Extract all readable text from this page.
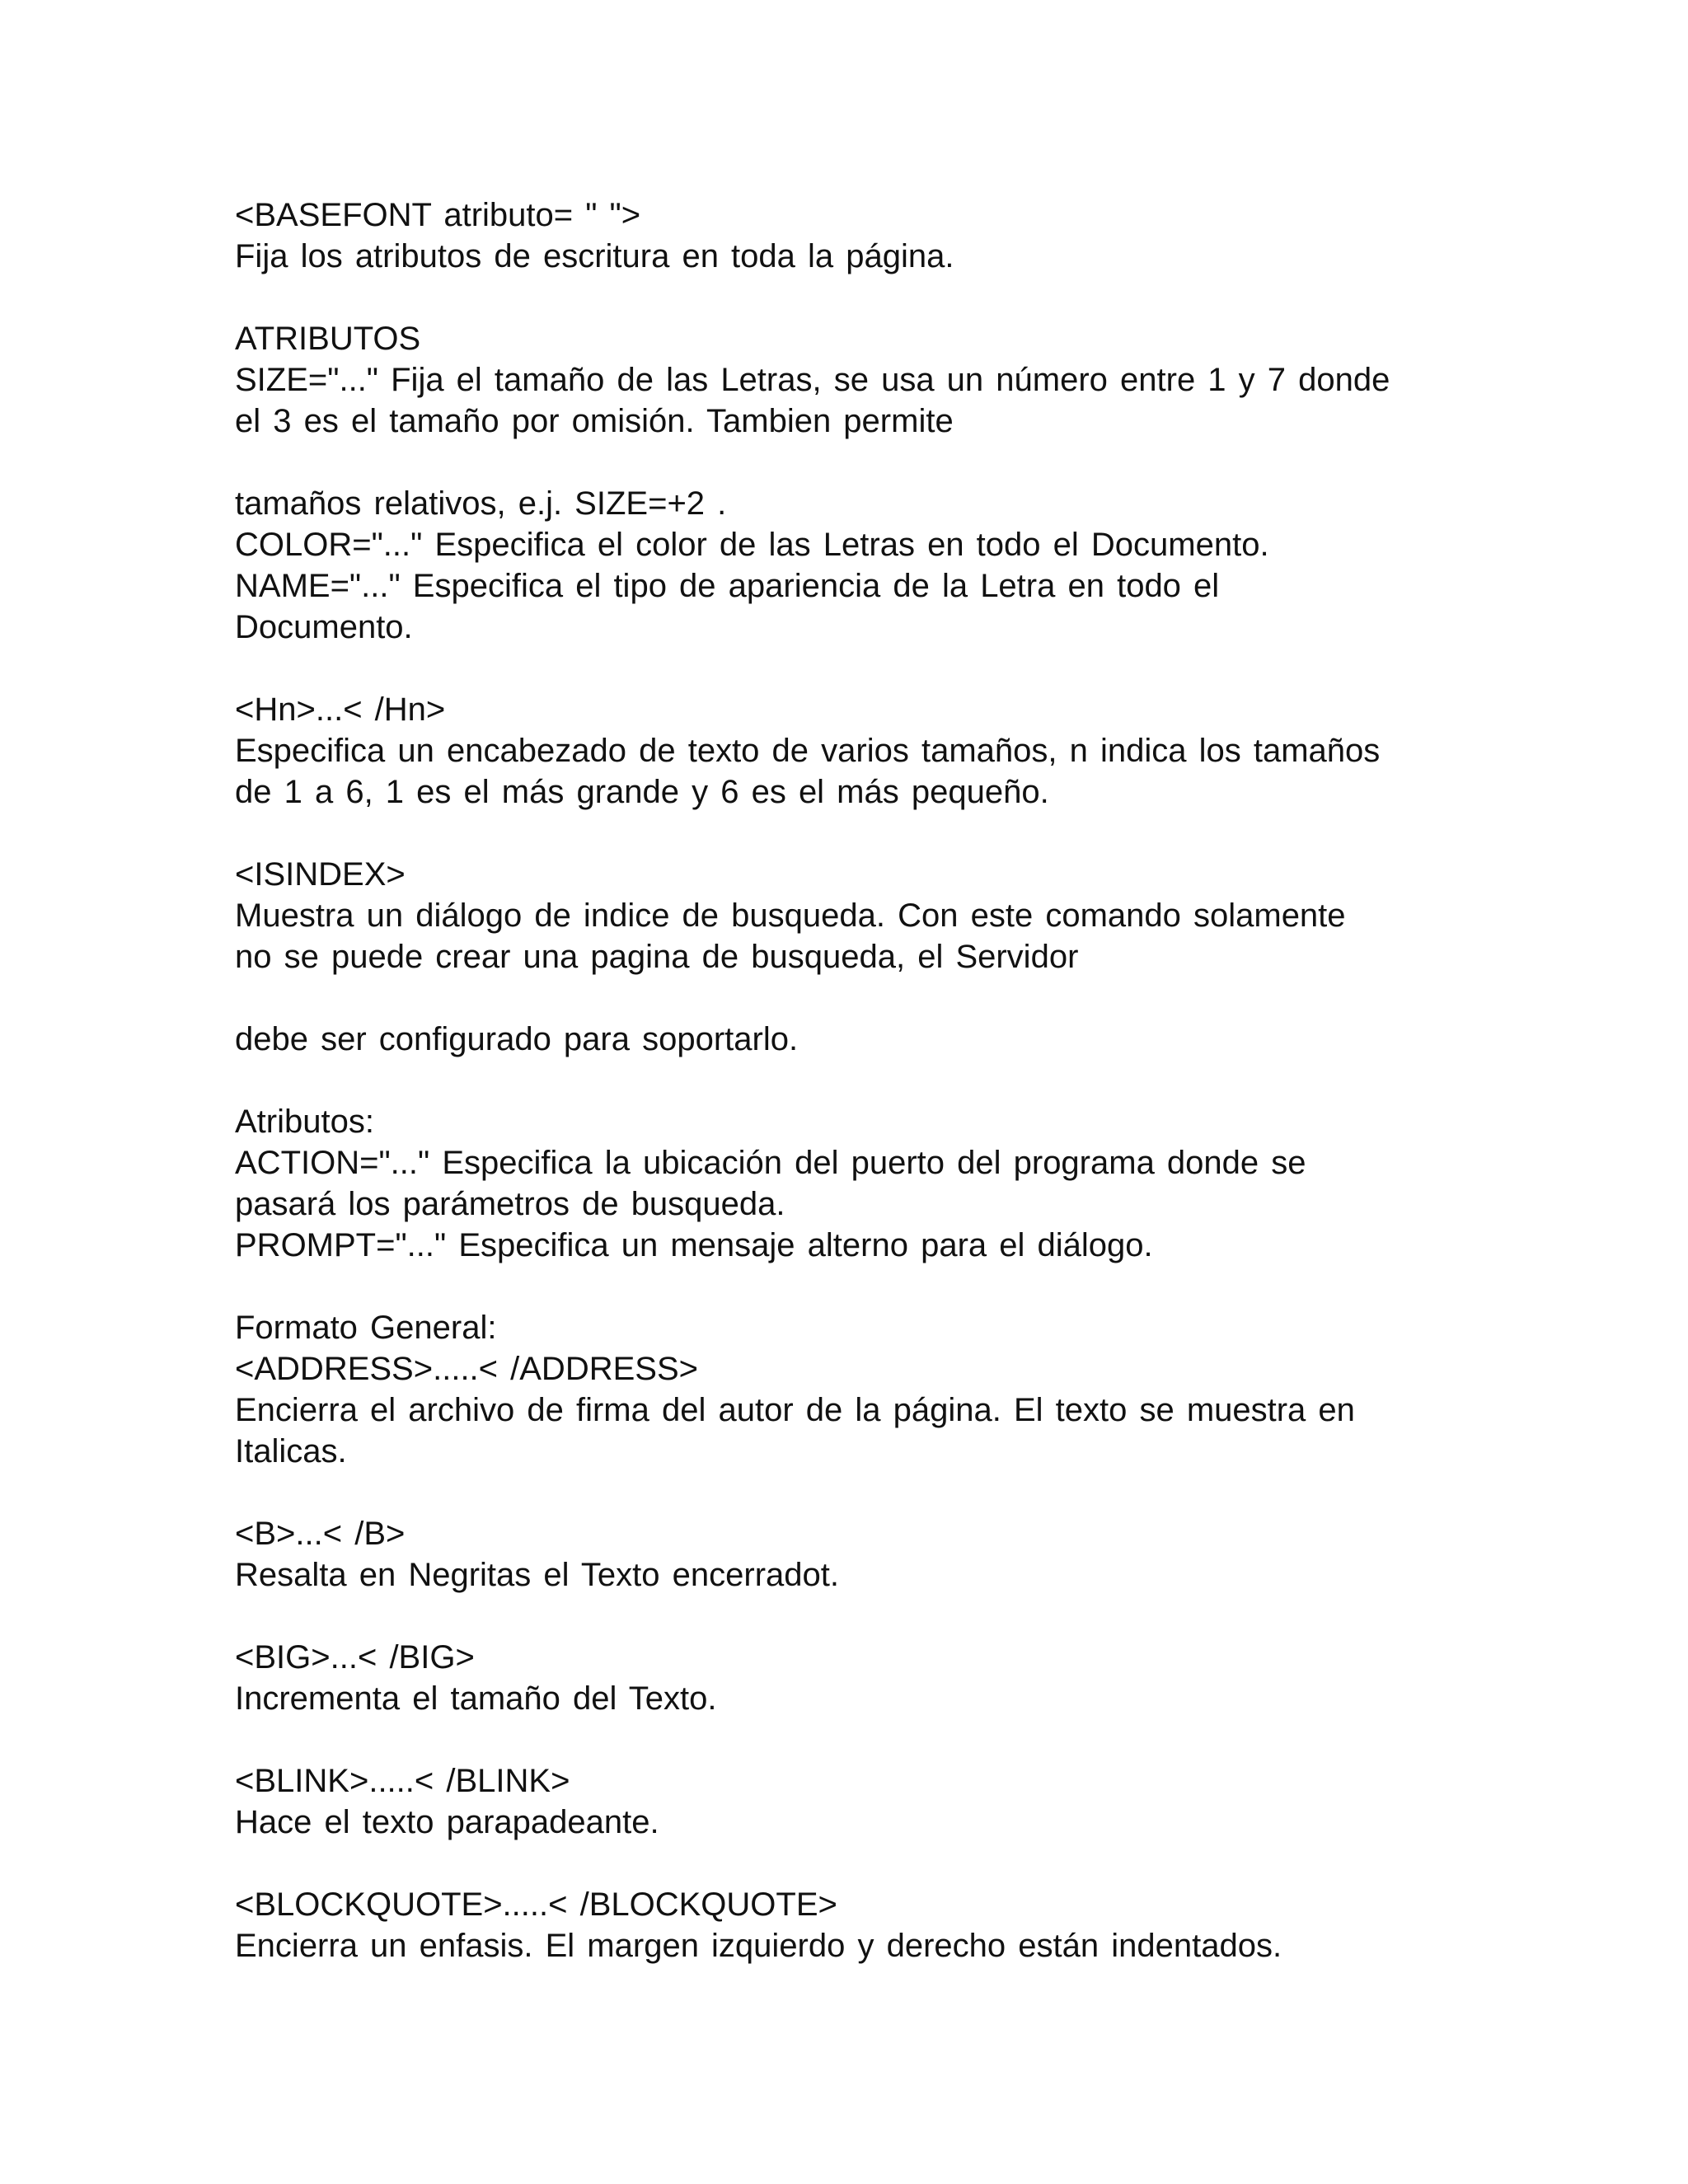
<BASEFONT atributo= " ">
Fija los atributos de escritura en toda la página.
ATRIBUTOS
SIZE="..." Fija el tamaño de las Letras, se usa un número entre 1 y 7 donde
el 3 es el tamaño por omisión. Tambien permite
tamaños relativos, e.j. SIZE=+2 .
COLOR="..." Especifica el color de las Letras en todo el Documento.
NAME="..." Especifica el tipo de apariencia de la Letra en todo el
Documento.
<Hn>...< /Hn>
Especifica un encabezado de texto de varios tamaños, n indica los tamaños
de 1 a 6, 1 es el más grande y 6 es el más pequeño.
<ISINDEX>
Muestra un diálogo de indice de busqueda. Con este comando solamente
no se puede crear una pagina de busqueda, el Servidor
debe ser configurado para soportarlo.
Atributos:
ACTION="..." Especifica la ubicación del puerto del programa donde se
pasará los parámetros de busqueda.
PROMPT="..." Especifica un mensaje alterno para el diálogo.
Formato General:
<ADDRESS>.....< /ADDRESS>
Encierra el archivo de firma del autor de la página. El texto se muestra en
Italicas.
<B>...< /B>
Resalta en Negritas el Texto encerradot.
<BIG>...< /BIG>
Incrementa el tamaño del Texto.
<BLINK>.....< /BLINK>
Hace el texto parapadeante.
<BLOCKQUOTE>.....< /BLOCKQUOTE>
Encierra un enfasis. El margen izquierdo y derecho están indentados.
